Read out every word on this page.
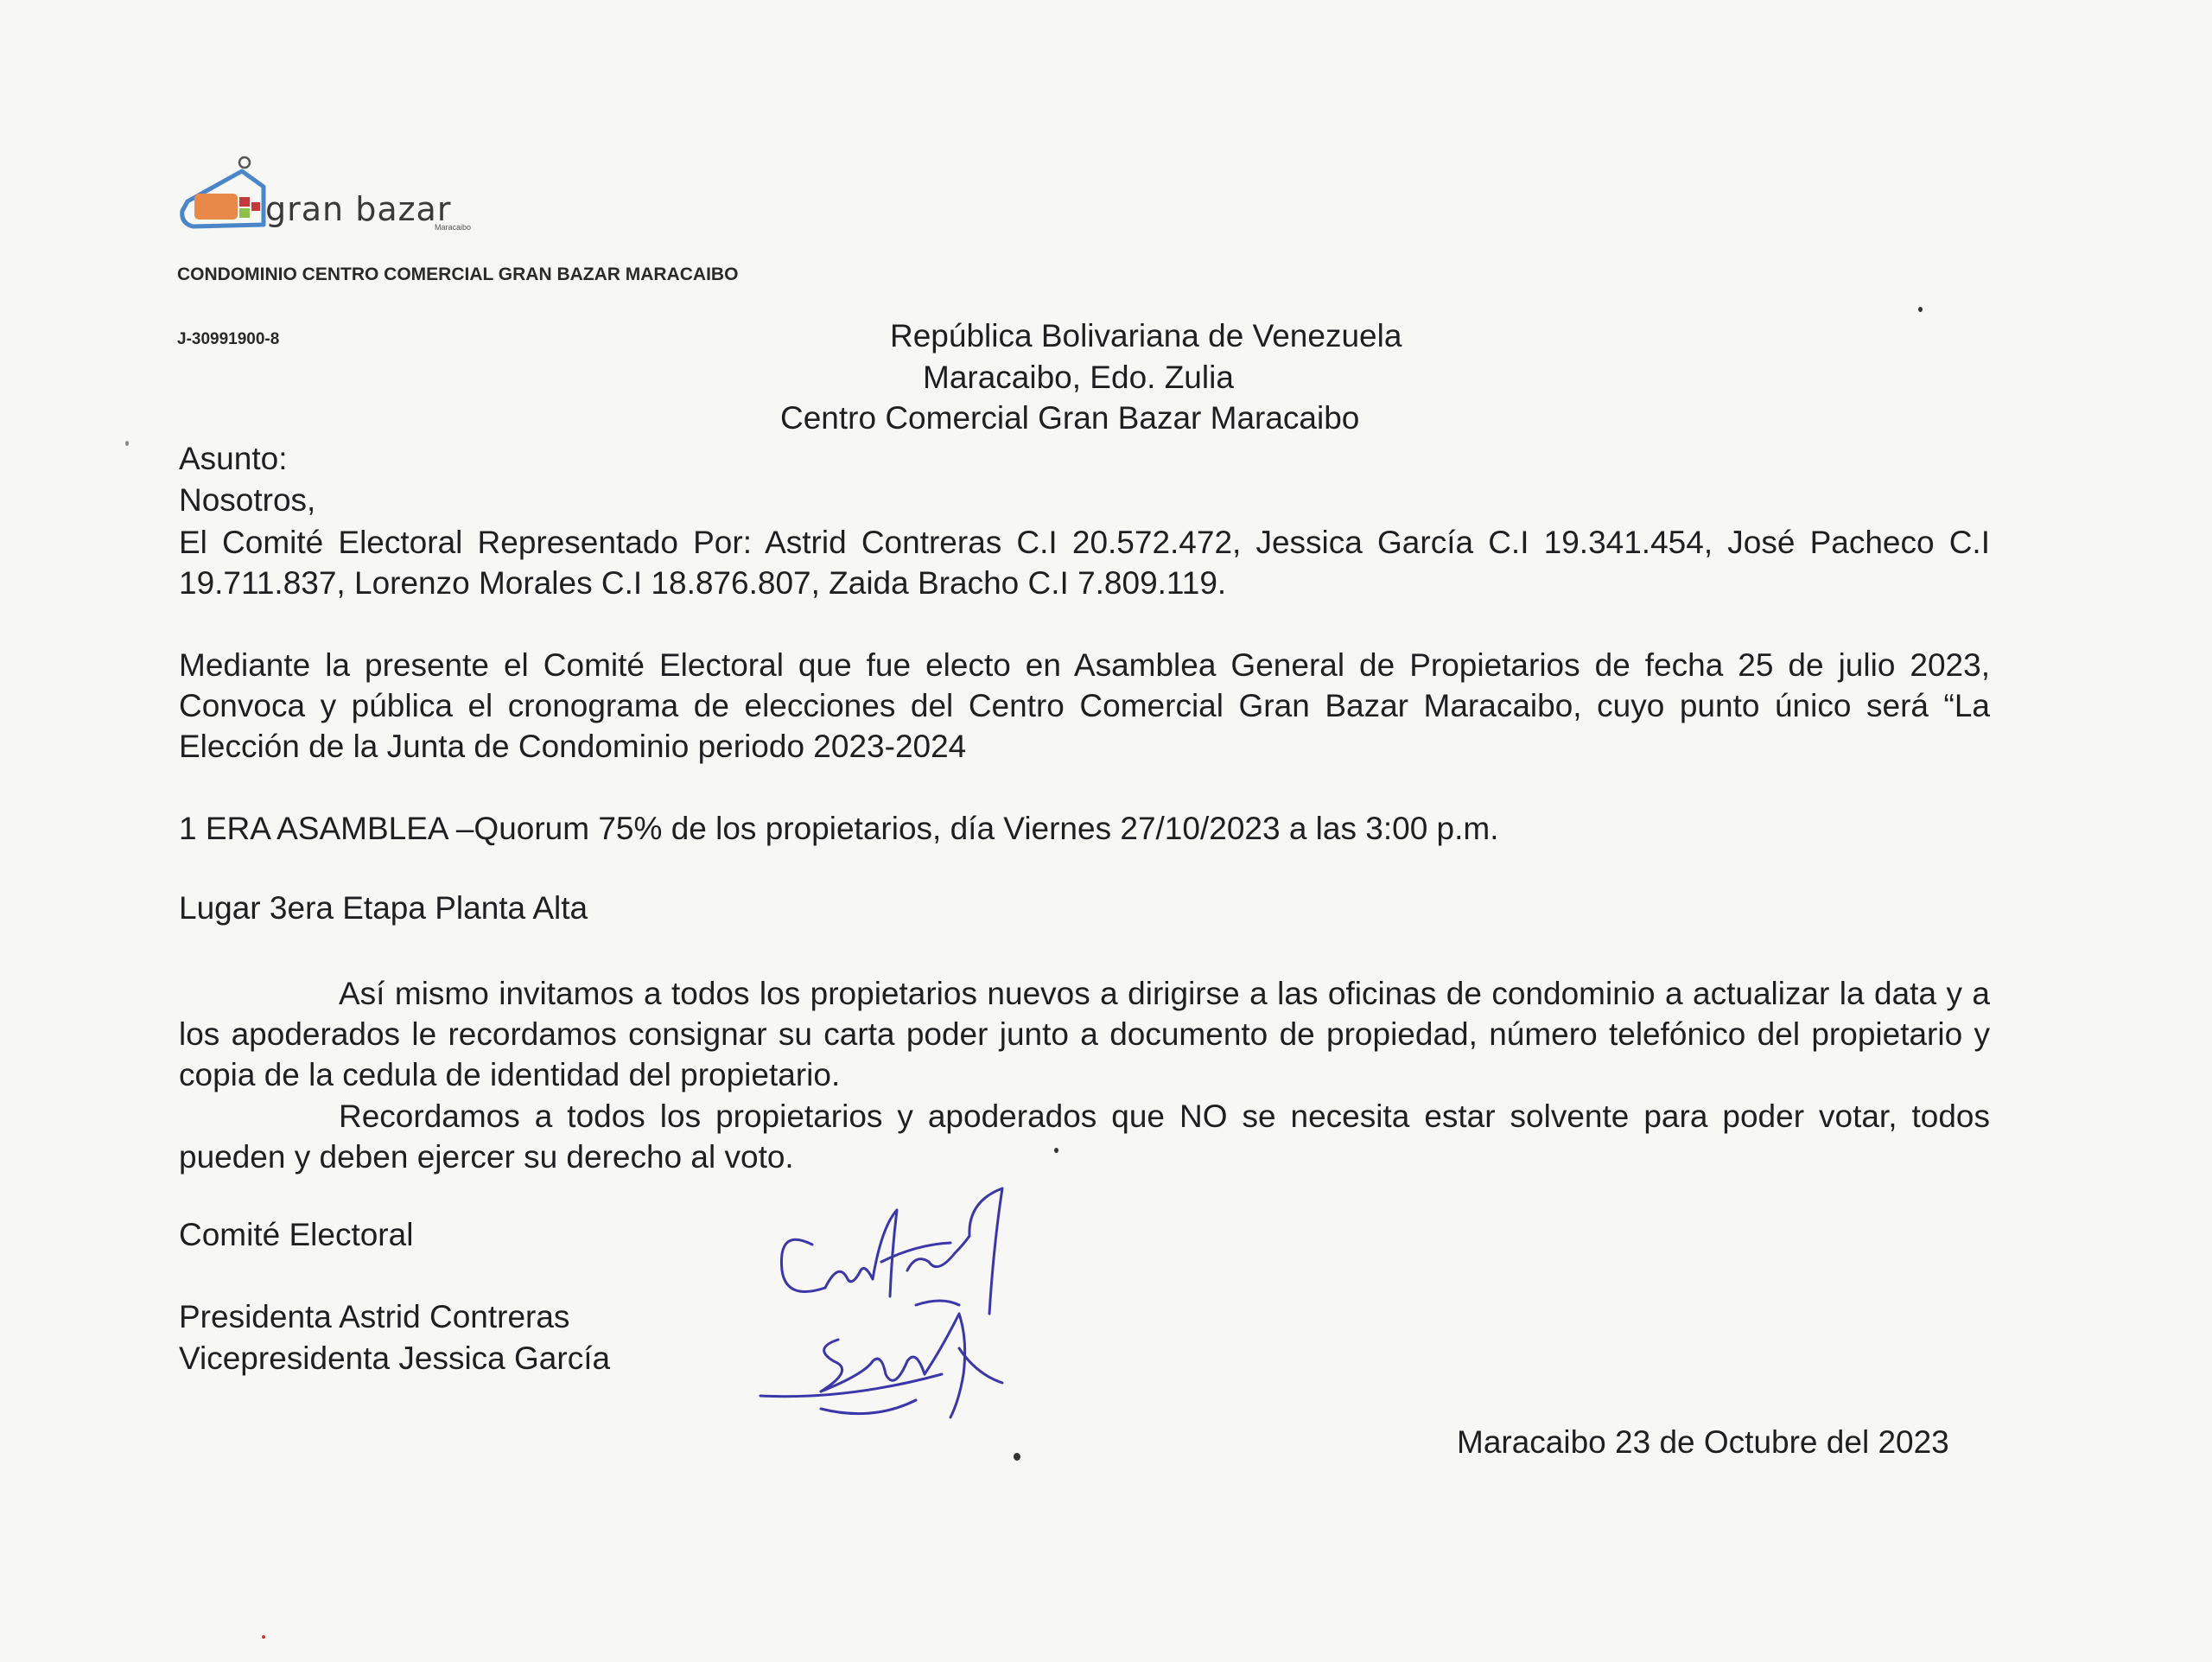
gran bazar
Maracaibo
CONDOMINIO CENTRO COMERCIAL GRAN BAZAR MARACAIBO
J-30991900-8	República Bolivariana de Venezuela
Maracaibo, Edo. Zulia
Centro Comercial Gran Bazar Maracaibo
Asunto:
Nosotros,
El Comité Electoral Representado Por: Astrid Contreras C.I 20.572.472, Jessica García C.I 19.341.454, José Pacheco C.I 19.711.837, Lorenzo Morales C.I 18.876.807, Zaida Bracho C.I 7.809.119.
Mediante la presente el Comité Electoral que fue electo en Asamblea General de Propietarios de fecha 25 de julio 2023, Convoca y pública el cronograma de elecciones del Centro Comercial Gran Bazar Maracaibo, cuyo punto único será “La Elección de la Junta de Condominio periodo 2023-2024
1 ERA ASAMBLEA –Quorum 75% de los propietarios, día Viernes 27/10/2023 a las 3:00 p.m.
Lugar 3era Etapa Planta Alta
Así mismo invitamos a todos los propietarios nuevos a dirigirse a las oficinas de condominio a actualizar la data y a los apoderados le recordamos consignar su carta poder junto a documento de propiedad, número telefónico del propietario y copia de la cedula de identidad del propietario.
Recordamos a todos los propietarios y apoderados que NO se necesita estar solvente para poder votar, todos pueden y deben ejercer su derecho al voto.
Comité Electoral
Presidenta Astrid Contreras
Vicepresidenta Jessica García
Maracaibo 23 de Octubre del 2023
